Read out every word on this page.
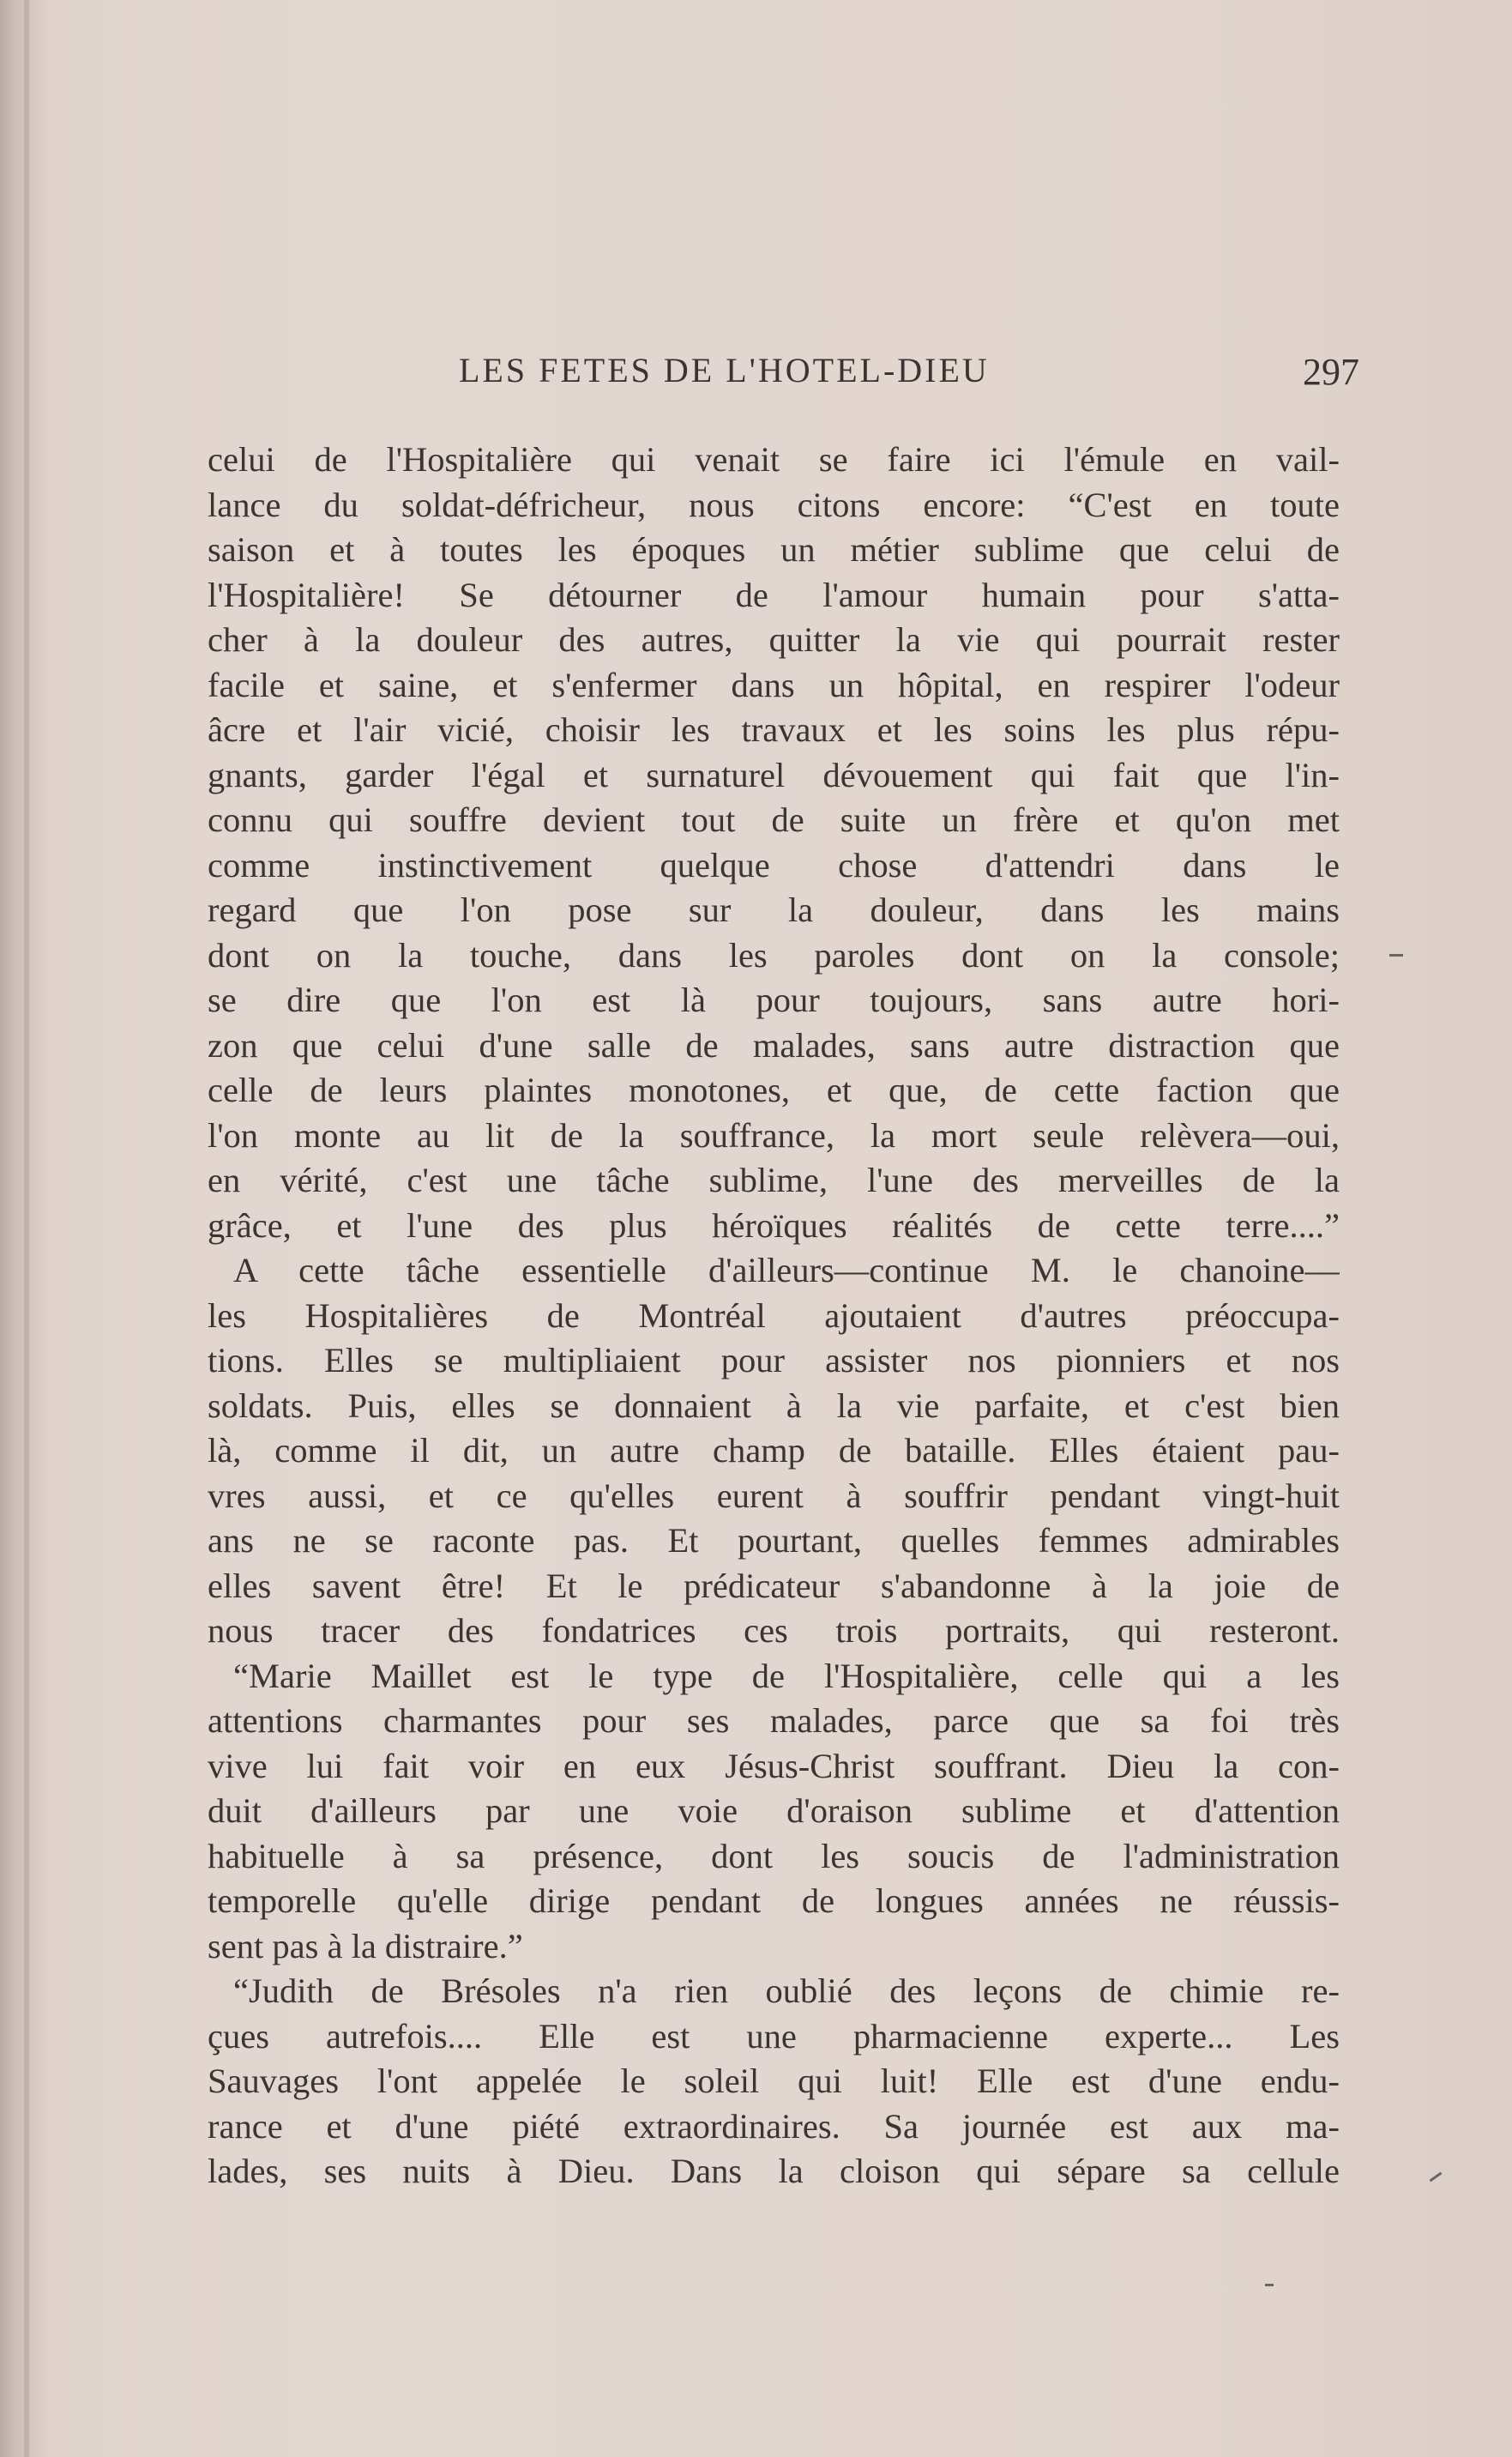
LES FETES DE L'HOTEL-DIEU	297
celui de l'Hospitalière qui venait se faire ici l'émule en vail-
lance du soldat-défricheur, nous citons encore: “C'est en toute
saison et à toutes les époques un métier sublime que celui de
l'Hospitalière! Se détourner de l'amour humain pour s'atta-
cher à la douleur des autres, quitter la vie qui pourrait rester
facile et saine, et s'enfermer dans un hôpital, en respirer l'odeur
âcre et l'air vicié, choisir les travaux et les soins les plus répu-
gnants, garder l'égal et surnaturel dévouement qui fait que l'in-
connu qui souffre devient tout de suite un frère et qu'on met
comme instinctivement quelque chose d'attendri dans le
regard que l'on pose sur la douleur, dans les mains
dont on la touche, dans les paroles dont on la console;
se dire que l'on est là pour toujours, sans autre hori-
zon que celui d'une salle de malades, sans autre distraction que
celle de leurs plaintes monotones, et que, de cette faction que
l'on monte au lit de la souffrance, la mort seule relèvera—oui,
en vérité, c'est une tâche sublime, l'une des merveilles de la
grâce, et l'une des plus héroïques réalités de cette terre....”
A cette tâche essentielle d'ailleurs—continue M. le chanoine—
les Hospitalières de Montréal ajoutaient d'autres préoccupa-
tions. Elles se multipliaient pour assister nos pionniers et nos
soldats. Puis, elles se donnaient à la vie parfaite, et c'est bien
là, comme il dit, un autre champ de bataille. Elles étaient pau-
vres aussi, et ce qu'elles eurent à souffrir pendant vingt-huit
ans ne se raconte pas. Et pourtant, quelles femmes admirables
elles savent être! Et le prédicateur s'abandonne à la joie de
nous tracer des fondatrices ces trois portraits, qui resteront.
“Marie Maillet est le type de l'Hospitalière, celle qui a les
attentions charmantes pour ses malades, parce que sa foi très
vive lui fait voir en eux Jésus-Christ souffrant. Dieu la con-
duit d'ailleurs par une voie d'oraison sublime et d'attention
habituelle à sa présence, dont les soucis de l'administration
temporelle qu'elle dirige pendant de longues années ne réussis-
sent pas à la distraire.”
“Judith de Brésoles n'a rien oublié des leçons de chimie re-
çues autrefois.... Elle est une pharmacienne experte... Les
Sauvages l'ont appelée le soleil qui luit! Elle est d'une endu-
rance et d'une piété extraordinaires. Sa journée est aux ma-
lades, ses nuits à Dieu. Dans la cloison qui sépare sa cellule
